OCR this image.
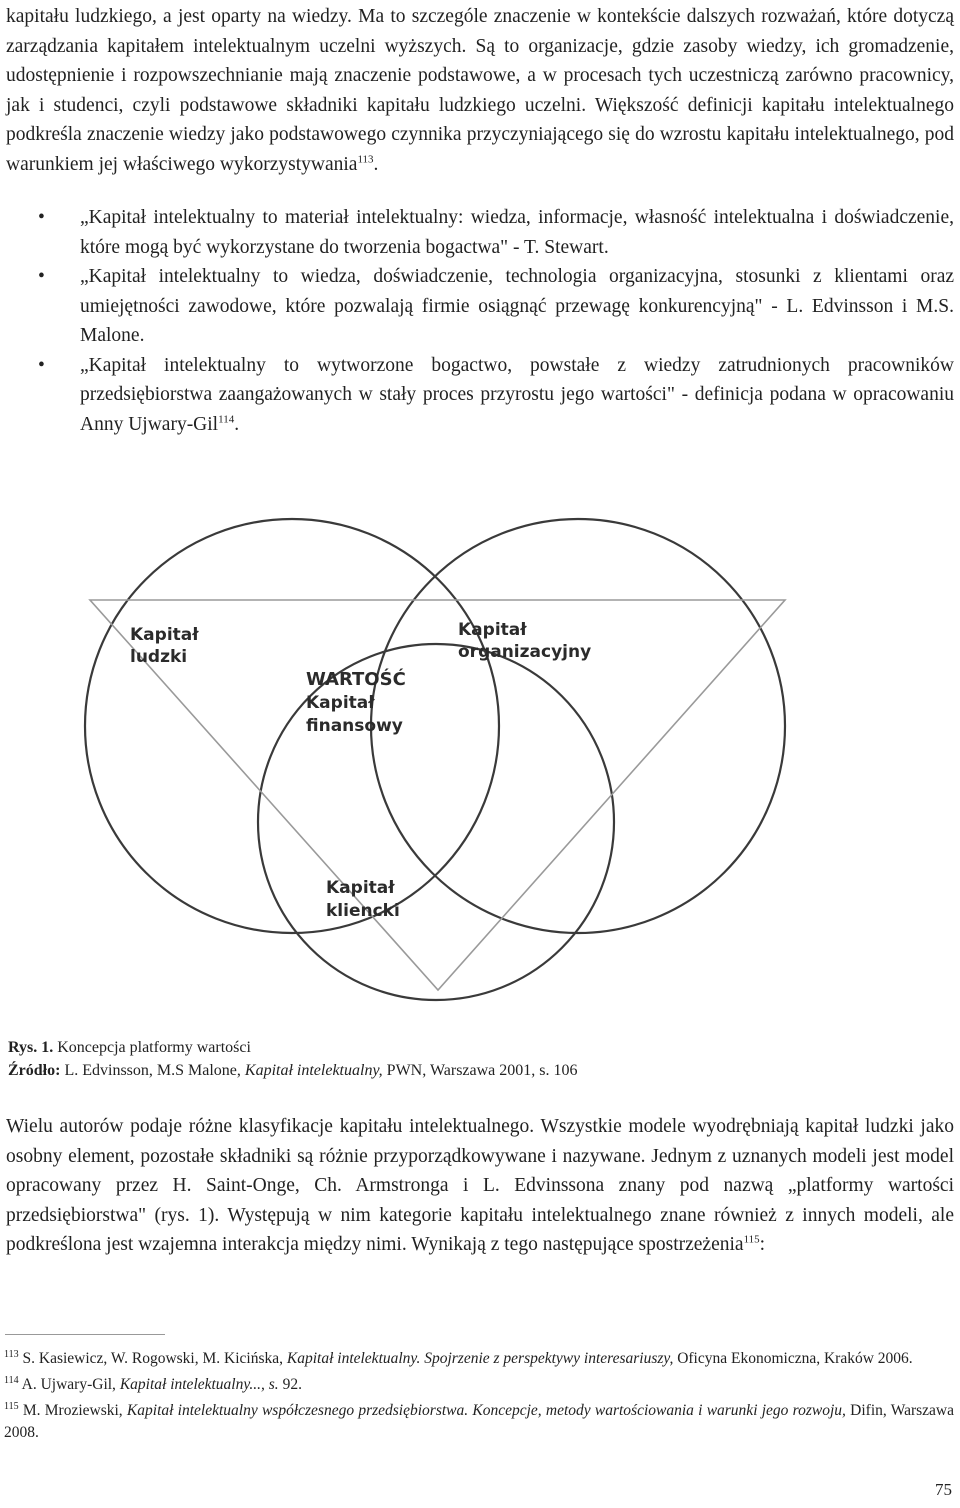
kapitału ludzkiego, a jest oparty na wiedzy. Ma to szczególe znaczenie w kontekście dalszych rozważań, które dotyczą zarządzania kapitałem intelektualnym uczelni wyższych. Są to organizacje, gdzie zasoby wiedzy, ich gromadzenie, udostępnienie i rozpowszechnianie mają znaczenie podstawowe, a w procesach tych uczestniczą zarówno pracownicy, jak i studenci, czyli podstawowe składniki kapitału ludzkiego uczelni. Większość definicji kapitału intelektualnego podkreśla znaczenie wiedzy jako podstawowego czynnika przyczyniającego się do wzrostu kapitału intelektualnego, pod warunkiem jej właściwego wykorzystywania$^{113}$.

• „Kapitał intelektualny to materiał intelektualny: wiedza, informacje, własność intelektualna i doświadczenie, które mogą być wykorzystane do tworzenia bogactwa" - T. Stewart.
• „Kapitał intelektualny to wiedza, doświadczenie, technologia organizacyjna, stosunki z klientami oraz umiejętności zawodowe, które pozwalają firmie osiągnąć przewagę konkurencyjną" - L. Edvinsson i M.S. Malone.
• „Kapitał intelektualny to wytworzone bogactwo, powstałe z wiedzy zatrudnionych pracowników przedsiębiorstwa zaangażowanych w stały proces przyrostu jego wartości" - definicja podana w opracowaniu Anny Ujwary-Gil$^{114}$.
Kapitał
ludzki
Kapitał
organizacyjny
WARTOŚĆ
Kapitał
finansowy
Kapitał
kliencki
Rys. 1. Koncepcja platformy wartości
Źródło: L. Edvinsson, M.S Malone, Kapitał intelektualny, PWN, Warszawa 2001, s. 106

Wielu autorów podaje różne klasyfikacje kapitału intelektualnego. Wszystkie modele wyodrębniają kapitał ludzki jako osobny element, pozostałe składniki są różnie przyporządkowywane i nazywane. Jednym z uznanych modeli jest model opracowany przez H. Saint-Onge, Ch. Armstronga i L. Edvinssona znany pod nazwą „platformy wartości przedsiębiorstwa" (rys. 1). Występują w nim kategorie kapitału intelektualnego znane również z innych modeli, ale podkreślona jest wzajemna interakcja między nimi. Wynikają z tego następujące spostrzeżenia$^{115}$:

$^{113}$ S. Kasiewicz, W. Rogowski, M. Kicińska, Kapitał intelektualny. Spojrzenie z perspektywy interesariuszy, Oficyna Ekonomiczna, Kraków 2006.

$^{114}$ A. Ujwary-Gil, Kapitał intelektualny..., s. 92.

$^{115}$ M. Mroziewski, Kapitał intelektualny współczesnego przedsiębiorstwa. Koncepcje, metody wartościowania i warunki jego rozwoju, Difin, Warszawa 2008.

75
